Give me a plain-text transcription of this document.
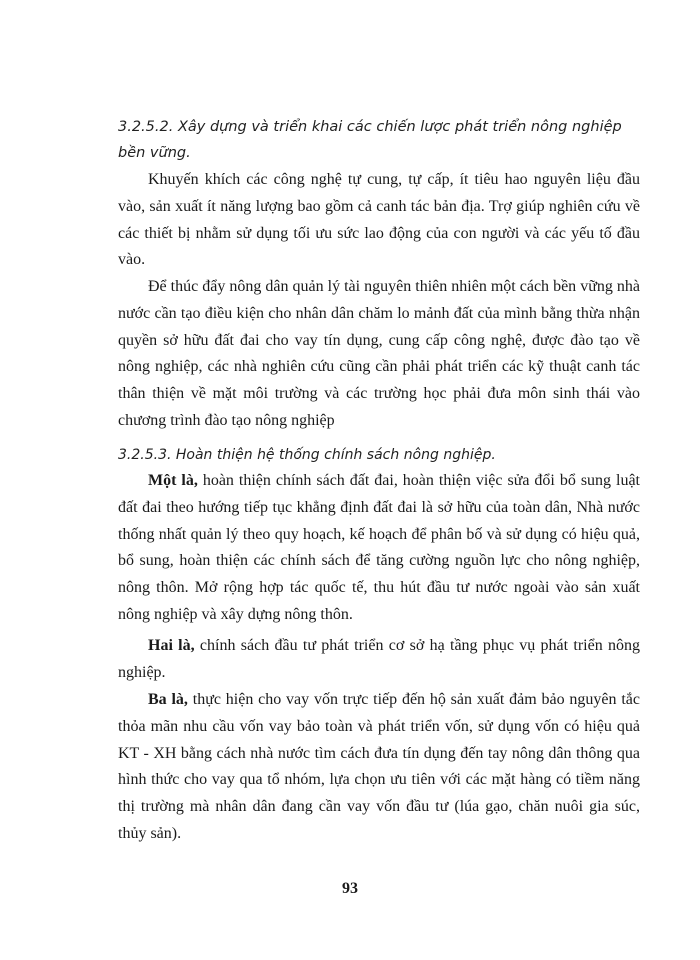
3.2.5.2. Xây dựng và triển khai các chiến lược phát triển nông nghiệp bền vững.
Khuyến khích các công nghệ tự cung, tự cấp, ít tiêu hao nguyên liệu đầu vào, sản xuất ít năng lượng bao gồm cả canh tác bản địa. Trợ giúp nghiên cứu về các thiết bị nhằm sử dụng tối ưu sức lao động của con người và các yếu tố đầu vào.
Để thúc đẩy nông dân quản lý tài nguyên thiên nhiên một cách bền vững nhà nước cần tạo điều kiện cho nhân dân chăm lo mảnh đất của mình bằng thừa nhận quyền sở hữu đất đai cho vay tín dụng, cung cấp công nghệ, được đào tạo về nông nghiệp, các nhà nghiên cứu cũng cần phải phát triển các kỹ thuật canh tác thân thiện về mặt môi trường và các trường học phải đưa môn sinh thái vào chương trình đào tạo nông nghiệp
3.2.5.3. Hoàn thiện hệ thống chính sách nông nghiệp.
Một là, hoàn thiện chính sách đất đai, hoàn thiện việc sửa đổi bổ sung luật đất đai theo hướng tiếp tục khẳng định đất đai là sở hữu của toàn dân, Nhà nước thống nhất quản lý theo quy hoạch, kế hoạch để phân bố và sử dụng có hiệu quả, bổ sung, hoàn thiện các chính sách để tăng cường nguồn lực cho nông nghiệp, nông thôn. Mở rộng hợp tác quốc tế, thu hút đầu tư nước ngoài vào sản xuất nông nghiệp và xây dựng nông thôn.
Hai là, chính sách đầu tư phát triển cơ sở hạ tầng phục vụ phát triển nông nghiệp.
Ba là, thực hiện cho vay vốn trực tiếp đến hộ sản xuất đảm bảo nguyên tắc thỏa mãn nhu cầu vốn vay bảo toàn và phát triển vốn, sử dụng vốn có hiệu quả KT - XH bằng cách nhà nước tìm cách đưa tín dụng đến tay nông dân thông qua hình thức cho vay qua tổ nhóm, lựa chọn ưu tiên với các mặt hàng có tiềm năng thị trường mà nhân dân đang cần vay vốn đầu tư (lúa gạo, chăn nuôi gia súc, thủy sản).
93
